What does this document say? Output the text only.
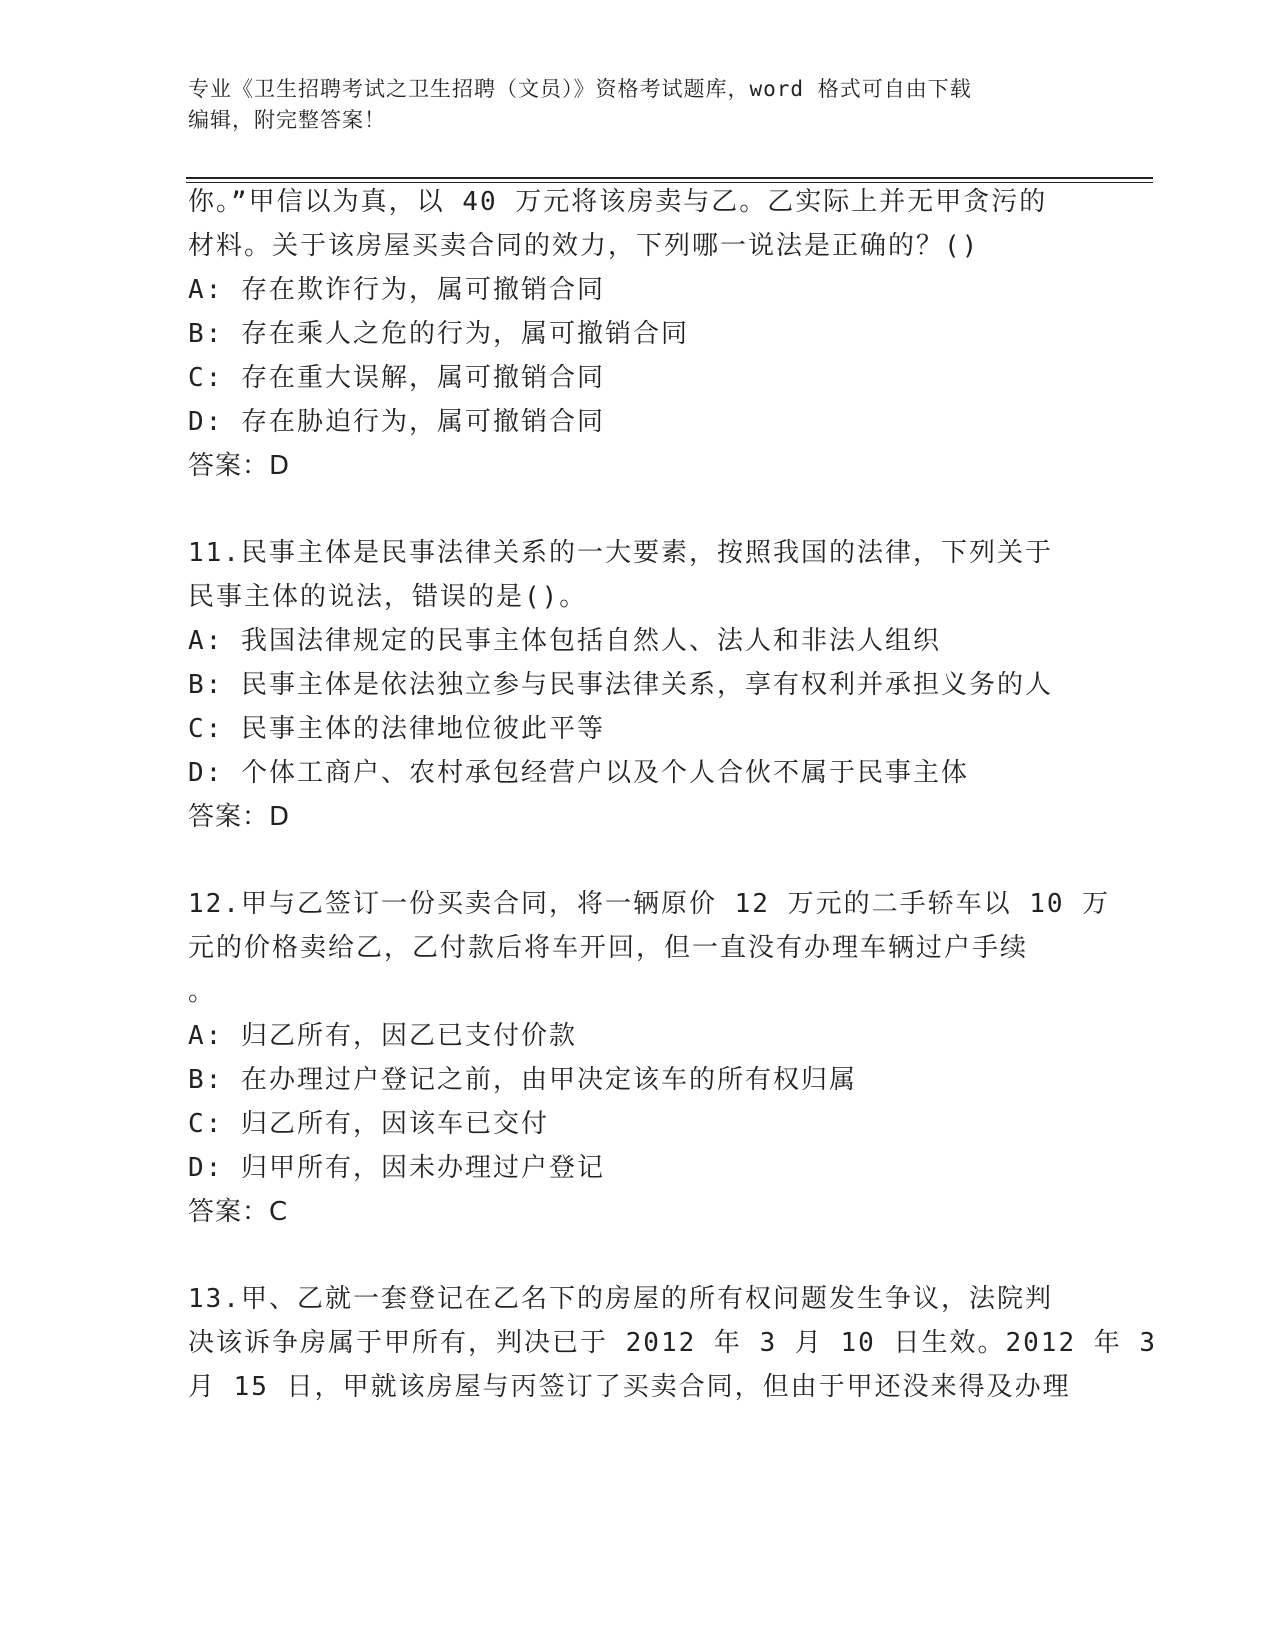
专业《卫生招聘考试之卫生招聘（文员）》资格考试题库，word 格式可自由下载
编辑，附完整答案！
你。”甲信以为真，以 40 万元将该房卖与乙。乙实际上并无甲贪污的
材料。关于该房屋买卖合同的效力，下列哪一说法是正确的？()
A: 存在欺诈行为，属可撤销合同
B: 存在乘人之危的行为，属可撤销合同
C: 存在重大误解，属可撤销合同
D: 存在胁迫行为，属可撤销合同
答案：D
11.民事主体是民事法律关系的一大要素，按照我国的法律，下列关于
民事主体的说法，错误的是()。
A: 我国法律规定的民事主体包括自然人、法人和非法人组织
B: 民事主体是依法独立参与民事法律关系，享有权利并承担义务的人
C: 民事主体的法律地位彼此平等
D: 个体工商户、农村承包经营户以及个人合伙不属于民事主体
答案：D
12.甲与乙签订一份买卖合同，将一辆原价 12 万元的二手轿车以 10 万
元的价格卖给乙，乙付款后将车开回，但一直没有办理车辆过户手续
。
A: 归乙所有，因乙已支付价款
B: 在办理过户登记之前，由甲决定该车的所有权归属
C: 归乙所有，因该车已交付
D: 归甲所有，因未办理过户登记
答案：C
13.甲、乙就一套登记在乙名下的房屋的所有权问题发生争议，法院判
决该诉争房属于甲所有，判决已于 2012 年 3 月 10 日生效。2012 年 3
月 15 日，甲就该房屋与丙签订了买卖合同，但由于甲还没来得及办理
